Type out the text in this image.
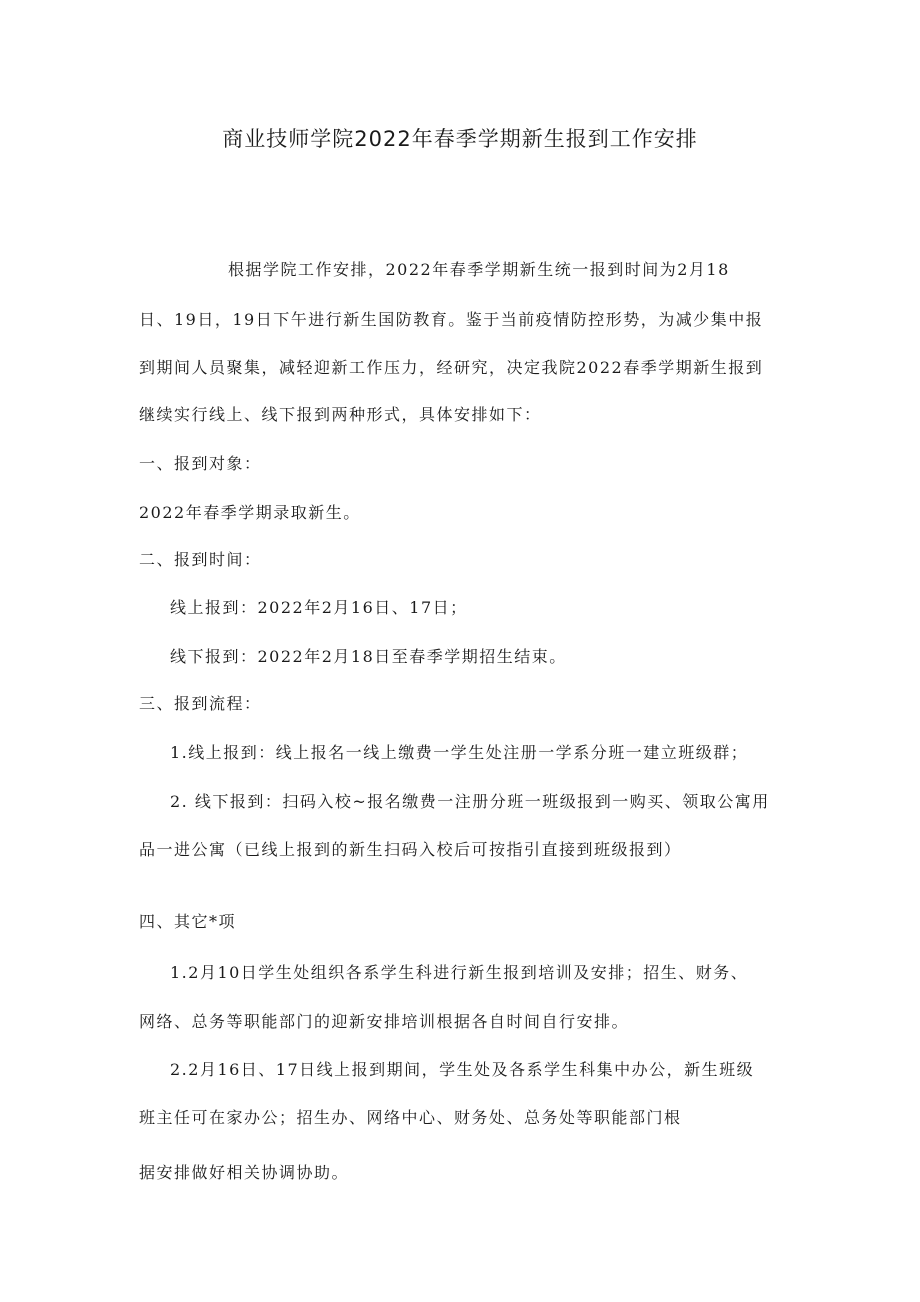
商业技师学院2022年春季学期新生报到工作安排
根据学院工作安排，2022年春季学期新生统一报到时间为2月18
日、19日，19日下午进行新生国防教育。鉴于当前疫情防控形势，为减少集中报
到期间人员聚集，减轻迎新工作压力，经研究，决定我院2022春季学期新生报到
继续实行线上、线下报到两种形式，具体安排如下：
一、报到对象：
2022年春季学期录取新生。
二、报到时间：
线上报到：2022年2月16日、17日；
线下报到：2022年2月18日至春季学期招生结束。
三、报到流程：
1.线上报到：线上报名一线上缴费一学生处注册一学系分班一建立班级群；
2. 线下报到：扫码入校~报名缴费一注册分班一班级报到一购买、领取公寓用
品一进公寓（已线上报到的新生扫码入校后可按指引直接到班级报到）
四、其它*项
1.2月10日学生处组织各系学生科进行新生报到培训及安排；招生、财务、
网络、总务等职能部门的迎新安排培训根据各自时间自行安排。
2.2月16日、17日线上报到期间，学生处及各系学生科集中办公，新生班级
班主任可在家办公；招生办、网络中心、财务处、总务处等职能部门根
据安排做好相关协调协助。
